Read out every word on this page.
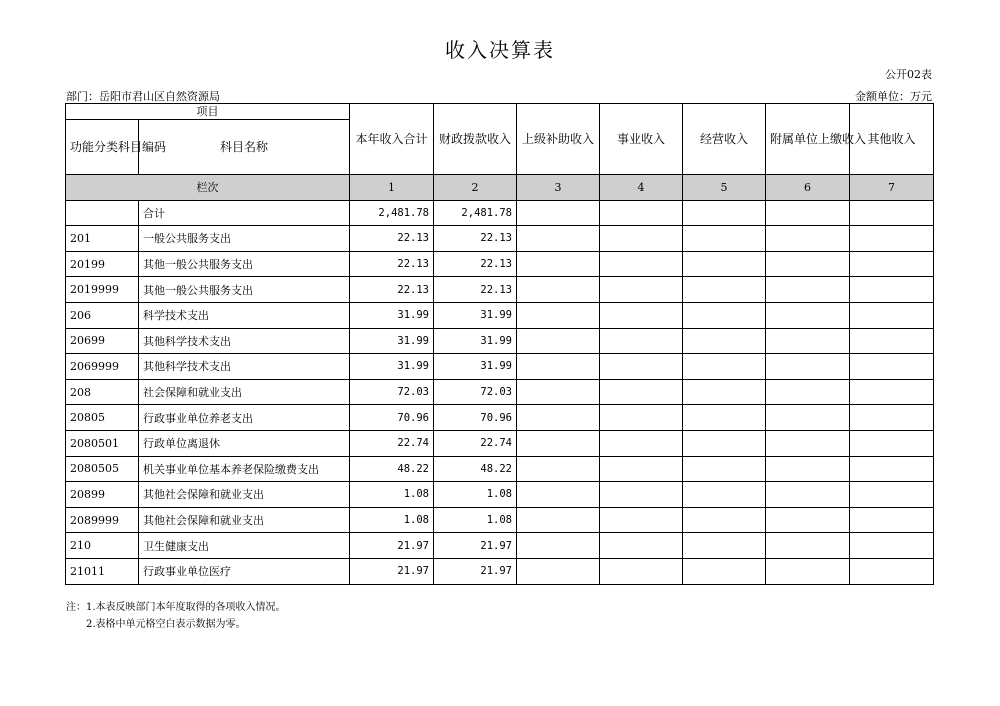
收入决算表
公开02表
部门：岳阳市君山区自然资源局	金额单位：万元
项目		本年收入合计	财政拨款收入	上级补助收入	事业收入	经营收入	附属单位上缴收入	其他收入
功能分类科目编码	科目名称							
栏次		1	2	3	4	5	6	7
	合计	2,481.78	2,481.78					
201	一般公共服务支出	22.13	22.13					
20199	其他一般公共服务支出	22.13	22.13					
2019999	其他一般公共服务支出	22.13	22.13					
206	科学技术支出	31.99	31.99					
20699	其他科学技术支出	31.99	31.99					
2069999	其他科学技术支出	31.99	31.99					
208	社会保障和就业支出	72.03	72.03					
20805	行政事业单位养老支出	70.96	70.96					
2080501	行政单位离退休	22.74	22.74					
2080505	机关事业单位基本养老保险缴费支出	48.22	48.22					
20899	其他社会保障和就业支出	1.08	1.08					
2089999	其他社会保障和就业支出	1.08	1.08					
210	卫生健康支出	21.97	21.97					
21011	行政事业单位医疗	21.97	21.97					
注：1.本表反映部门本年度取得的各项收入情况。
2.表格中单元格空白表示数据为零。
